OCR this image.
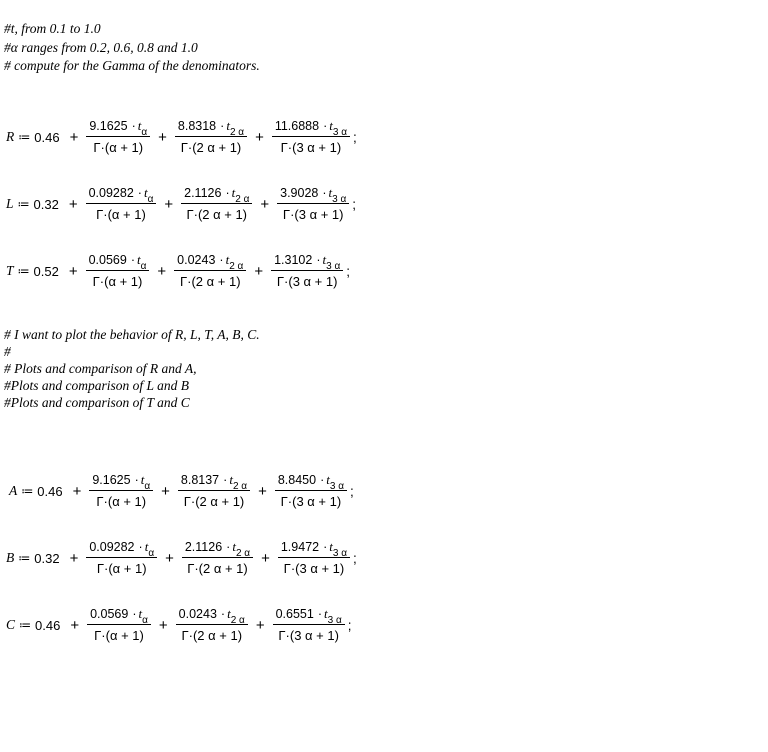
#t, from 0.1 to 1.0
#α ranges from 0.2, 0.6, 0.8 and 1.0
# compute for the Gamma of the denominators.
R ≔ $0.46 + \frac{\text{9.1625 · t α}}{\Gamma\cdot(\alpha + 1)} + \frac{8.8318 \cdot t 2 \alpha}{\Gamma\cdot(2 \alpha + 1)} + \frac{11.6888 \cdot t 3 \alpha}{\Gamma\cdot(3 \alpha + 1)}$ ;
L ≔ $0.32 + \frac{\text{0.09282 · t α}}{\Gamma\cdot(\alpha + 1)} + \frac{2.1126 \cdot t 2 \alpha}{\Gamma\cdot(2 \alpha + 1)} + \frac{3.9028 \cdot t 3 \alpha}{\Gamma\cdot(3 \alpha + 1)}$ ;
T ≔ $0.52 + \frac{\text{0.0569 · t α}}{\Gamma\cdot(\alpha + 1)} + \frac{0.0243 \cdot t 2 \alpha}{\Gamma\cdot(2 \alpha + 1)} + \frac{1.3102 \cdot t 3 \alpha}{\Gamma\cdot(3 \alpha + 1)}$ ;
A ≔ $0.46 + \frac{\text{9.1625 · t α}}{\Gamma\cdot(\alpha + 1)} + \frac{8.8137 \cdot t 2 \alpha}{\Gamma\cdot(2 \alpha + 1)} + \frac{8.8450 \cdot t 3 \alpha}{\Gamma\cdot(3 \alpha + 1)}$ ;
B ≔ $0.32 + \frac{\text{0.09282 · t α}}{\Gamma\cdot(\alpha + 1)} + \frac{2.1126 \cdot t 2 \alpha}{\Gamma\cdot(2 \alpha + 1)} + \frac{1.9472 \cdot t 3 \alpha}{\Gamma\cdot(3 \alpha + 1)}$ ;
C ≔ $0.46 + \frac{\text{0.0569 · t α}}{\Gamma\cdot(\alpha + 1)} + \frac{0.0243 \cdot t 2 \alpha}{\Gamma\cdot(2 \alpha + 1)} + \frac{0.6551 \cdot t 3 \alpha}{\Gamma\cdot(3 \alpha + 1)}$ ;
# I want to plot the behavior of R, L, T, A, B, C.
#
# Plots and comparison of R and A,
#Plots and comparison of L and B
#Plots and comparison of T and C
